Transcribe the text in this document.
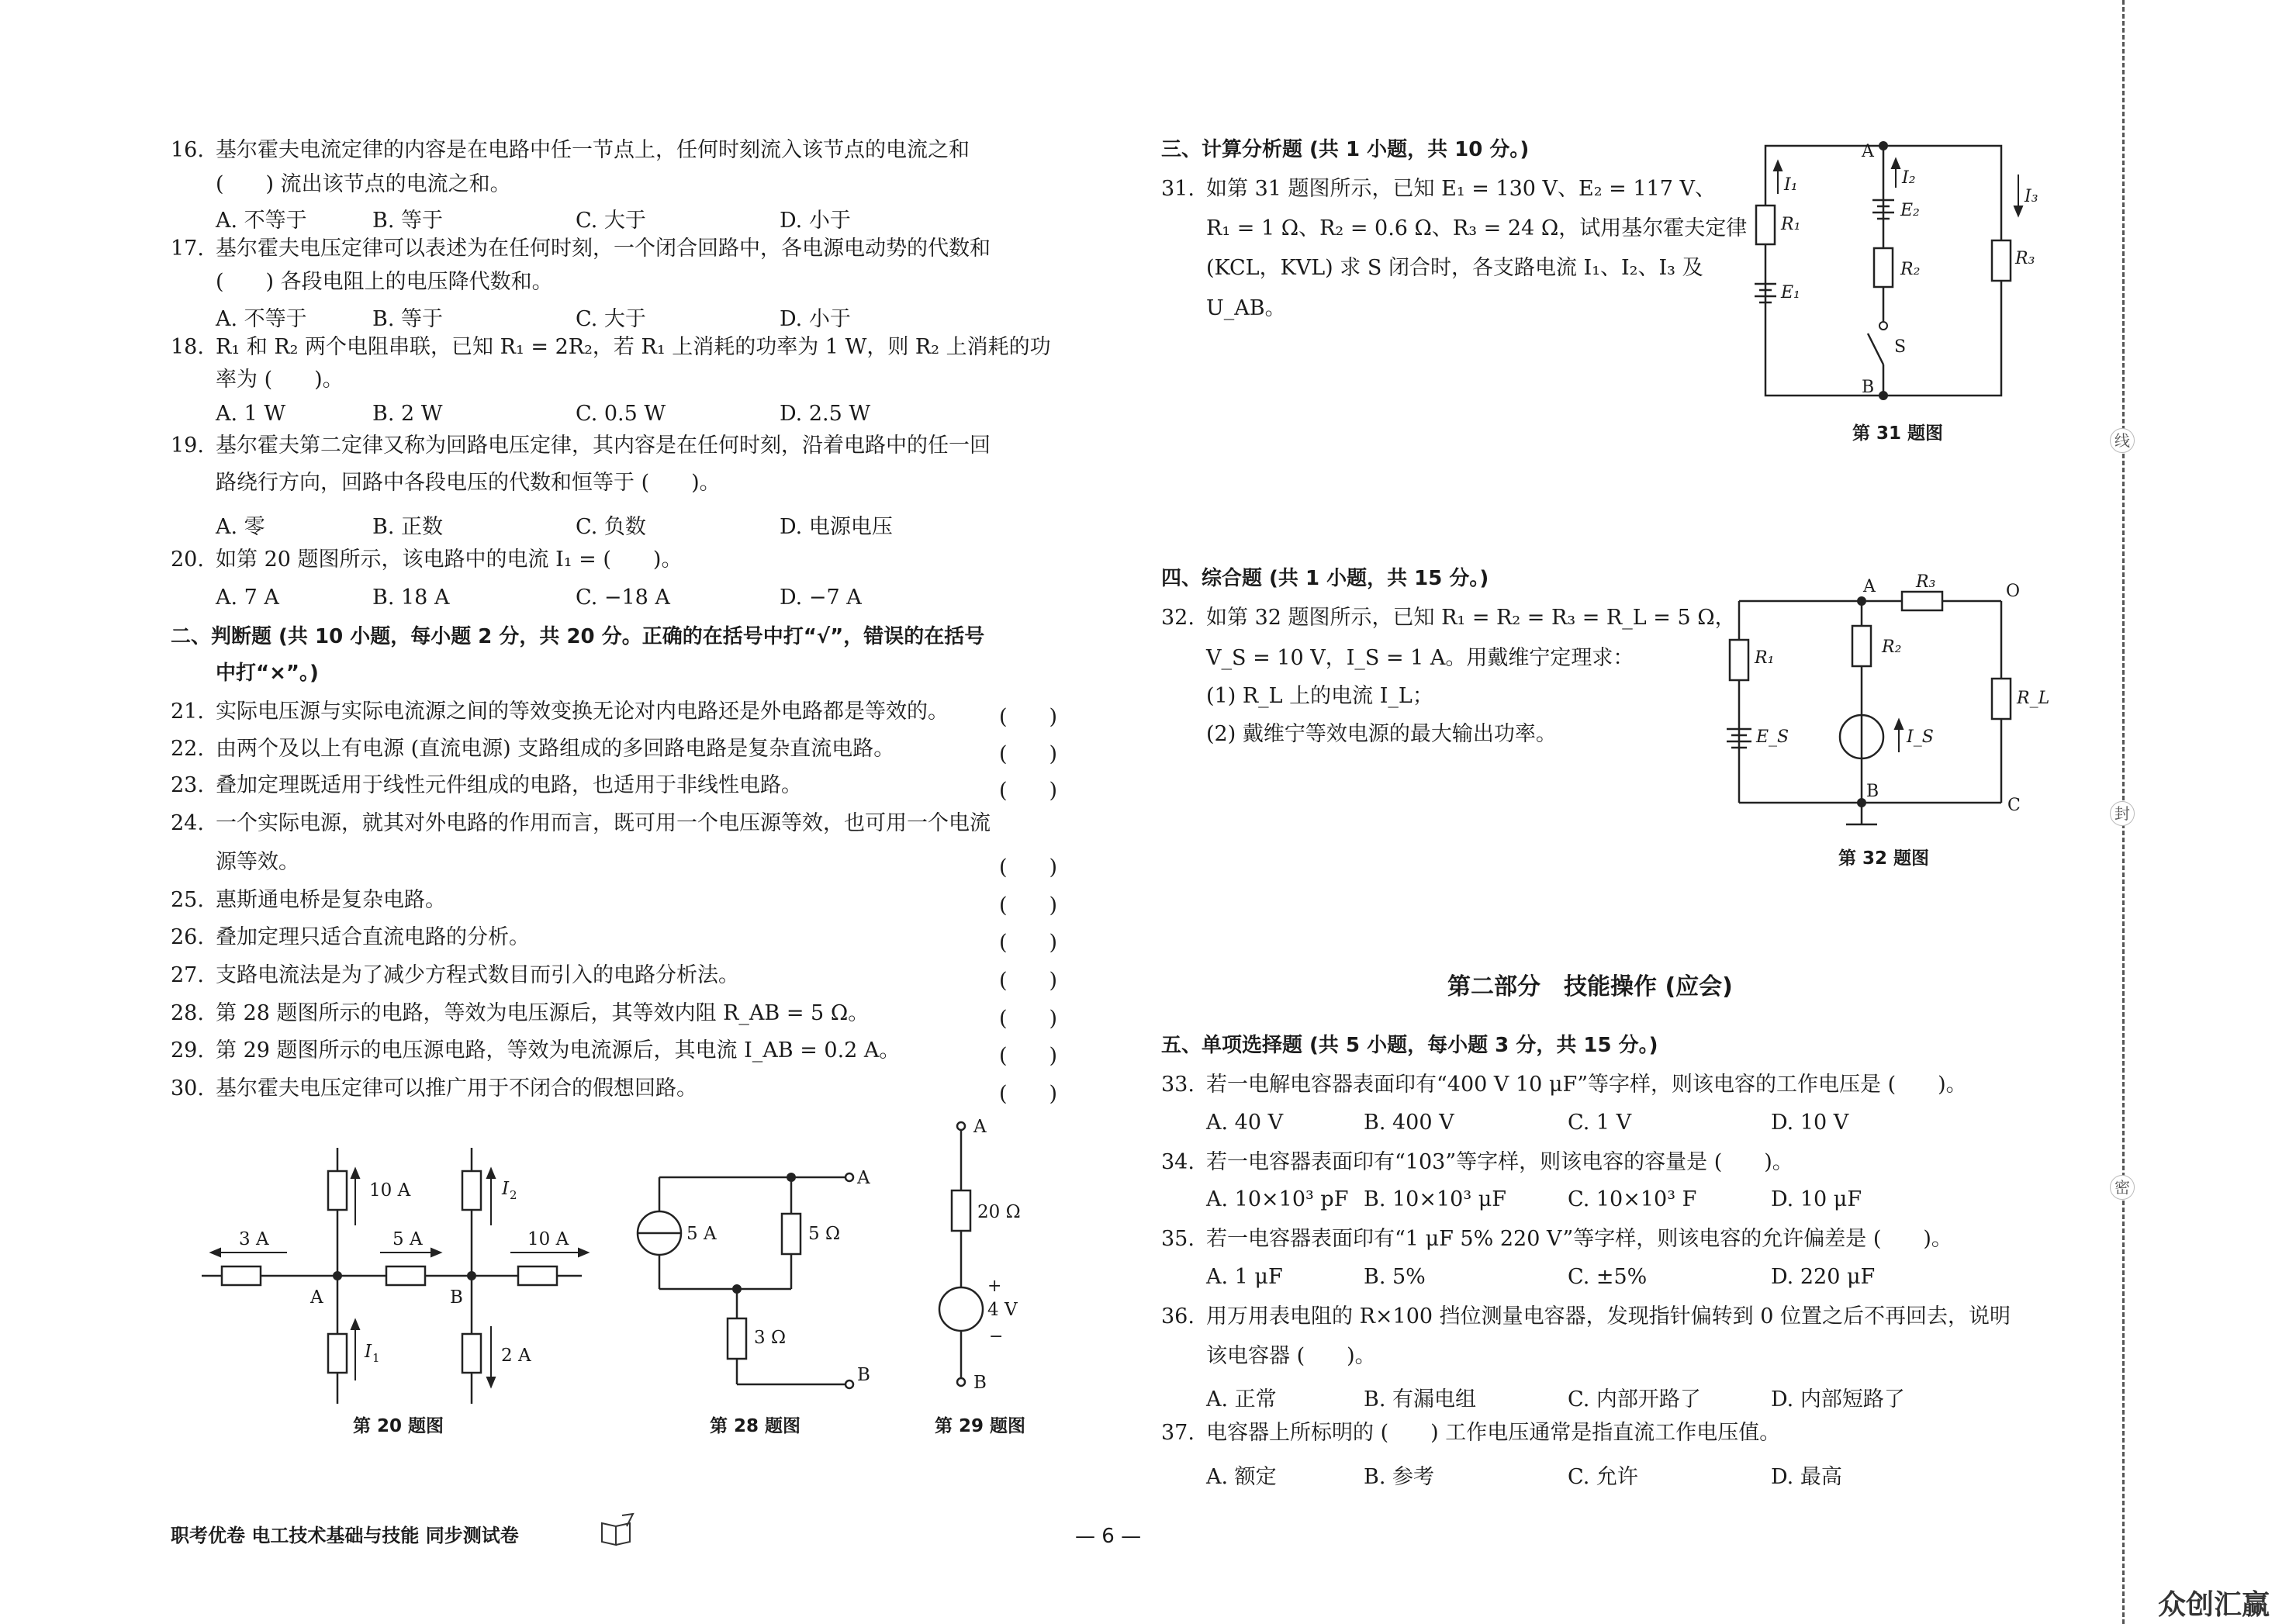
16. 基尔霍夫电流定律的内容是在电路中任一节点上，任何时刻流入该节点的电流之和
(　　) 流出该节点的电流之和。
A. 不等于	B. 等于	C. 大于	D. 小于
17. 基尔霍夫电压定律可以表述为在任何时刻，一个闭合回路中，各电源电动势的代数和
(　　) 各段电阻上的电压降代数和。
A. 不等于	B. 等于	C. 大于	D. 小于
18. R₁ 和 R₂ 两个电阻串联，已知 R₁ = 2R₂，若 R₁ 上消耗的功率为 1 W，则 R₂ 上消耗的功
率为 (　　)。
A. 1 W	B. 2 W	C. 0.5 W	D. 2.5 W
19. 基尔霍夫第二定律又称为回路电压定律，其内容是在任何时刻，沿着电路中的任一回
路绕行方向，回路中各段电压的代数和恒等于 (　　)。
A. 零	B. 正数	C. 负数	D. 电源电压
20. 如第 20 题图所示，该电路中的电流 I₁ = (　　)。
A. 7 A	B. 18 A	C. −18 A	D. −7 A
二、判断题 (共 10 小题，每小题 2 分，共 20 分。正确的在括号中打“√”，错误的在括号
中打“×”。)
21. 实际电压源与实际电流源之间的等效变换无论对内电路还是外电路都是等效的。 (　　)
22. 由两个及以上有电源 (直流电源) 支路组成的多回路电路是复杂直流电路。	(　　)
23. 叠加定理既适用于线性元件组成的电路，也适用于非线性电路。	(　　)
24. 一个实际电源，就其对外电路的作用而言，既可用一个电压源等效，也可用一个电流
源等效。	(　　)
25. 惠斯通电桥是复杂电路。	(　　)
26. 叠加定理只适合直流电路的分析。	(　　)
27. 支路电流法是为了减少方程式数目而引入的电路分析法。	(　　)
28. 第 28 题图所示的电路，等效为电压源后，其等效内阻 R_AB = 5 Ω。	(　　)
29. 第 29 题图所示的电压源电路，等效为电流源后，其电流 I_AB = 0.2 A。	(　　)
30. 基尔霍夫电压定律可以推广用于不闭合的假想回路。	(　　)
10 A
3 A	5 A	10 A
2 A
I 1
I 2
A	B
第 20 题图
5 A	5 Ω
3 Ω
A
B
第 28 题图
A
20 Ω
+
4 V
−
B
第 29 题图
三、计算分析题 (共 1 小题，共 10 分。)
31. 如第 31 题图所示，已知 E₁ = 130 V、E₂ = 117 V、
R₁ = 1 Ω、R₂ = 0.6 Ω、R₃ = 24 Ω，试用基尔霍夫定律
(KCL，KVL) 求 S 闭合时，各支路电流 I₁、I₂、I₃ 及
U_AB。
I₁	I₂
I₃
R₁
R₂
R₃
E₁
E₂
S
A
B
第 31 题图
四、综合题 (共 1 小题，共 15 分。)
32. 如第 32 题图所示，已知 R₁ = R₂ = R₃ = R_L = 5 Ω，
V_S = 10 V，I_S = 1 A。用戴维宁定理求：
(1) R_L 上的电流 I_L；
(2) 戴维宁等效电源的最大输出功率。
R₁
R₂
R₃
R_L
E_S	I_S
A
B
O
C
第 32 题图
第二部分　技能操作 (应会)
五、单项选择题 (共 5 小题，每小题 3 分，共 15 分。)
33. 若一电解电容器表面印有“400 V 10 μF”等字样，则该电容的工作电压是 (　　)。
A. 40 V	B. 400 V	C. 1 V	D. 10 V
34. 若一电容器表面印有“103”等字样，则该电容的容量是 (　　)。
A. 10×10³ pF B. 10×10³ μF	C. 10×10³ F	D. 10 μF
35. 若一电容器表面印有“1 μF 5% 220 V”等字样，则该电容的允许偏差是 (　　)。
A. 1 μF	B. 5%	C. ±5%	D. 220 μF
36. 用万用表电阻的 R×100 挡位测量电容器，发现指针偏转到 0 位置之后不再回去，说明
该电容器 (　　)。
A. 正常	B. 有漏电组	C. 内部开路了	D. 内部短路了
37. 电容器上所标明的 (　　) 工作电压通常是指直流工作电压值。
A. 额定	B. 参考	C. 允许	D. 最高
职考优卷 电工技术基础与技能 同步测试卷	— 6 —
线
封
密
众创汇赢
